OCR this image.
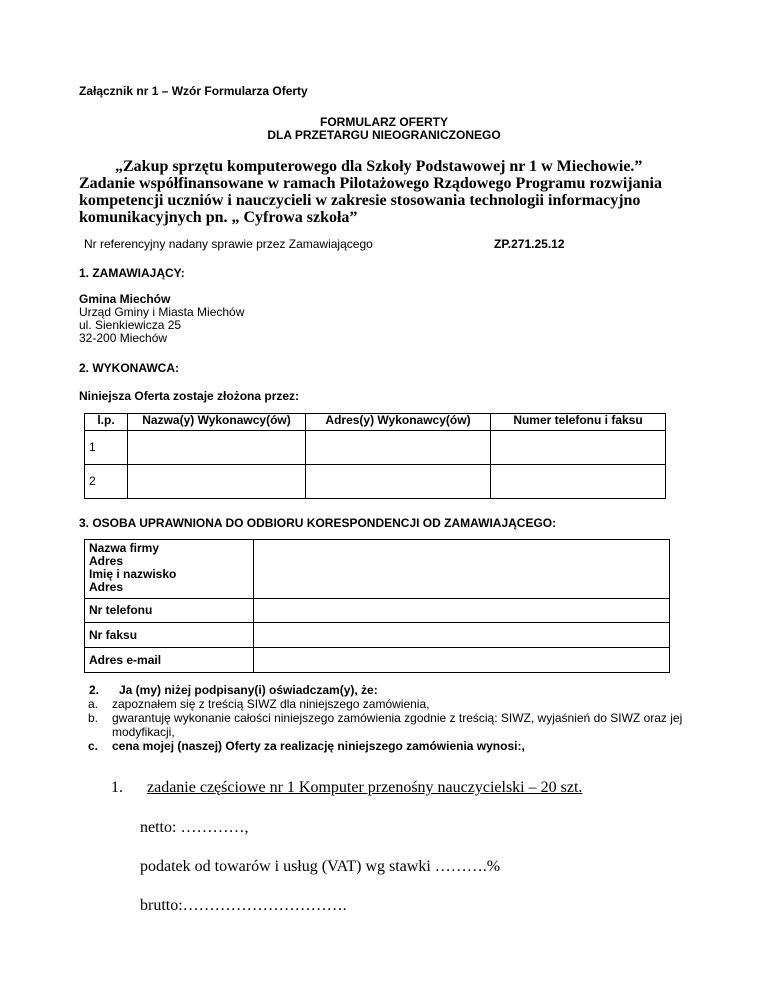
Załącznik nr 1 – Wzór Formularza Oferty
FORMULARZ OFERTY
DLA PRZETARGU NIEOGRANICZONEGO
„Zakup sprzętu komputerowego dla Szkoły Podstawowej nr 1 w Miechowie.”
Zadanie współfinansowane w ramach Pilotażowego Rządowego Programu rozwijania
kompetencji uczniów i nauczycieli w zakresie stosowania technologii informacyjno
komunikacyjnych pn. „ Cyfrowa szkoła”
Nr referencyjny nadany sprawie przez Zamawiającego	ZP.271.25.12
1. ZAMAWIAJĄCY:
Gmina Miechów
Urząd Gminy i Miasta Miechów
ul. Sienkiewicza 25
32-200 Miechów
2. WYKONAWCA:
Niniejsza Oferta zostaje złożona przez:
l.p.	Nazwa(y) Wykonawcy(ów)	Adres(y) Wykonawcy(ów)	Numer telefonu i faksu
1			
2			
3. OSOBA UPRAWNIONA DO ODBIORU KORESPONDENCJI OD ZAMAWIAJĄCEGO:
Nazwa firmy
Adres
Imię i nazwisko
Adres	

Nr telefonu	
Nr faksu	
Adres e-mail	
2. Ja (my) niżej podpisany(i) oświadczam(y), że:
a. zapoznałem się z treścią SIWZ dla niniejszego zamówienia,
b. gwarantuję wykonanie całości niniejszego zamówienia zgodnie z treścią: SIWZ, wyjaśnień do SIWZ oraz jej modyfikacji,
c. cena mojej (naszej) Oferty za realizację niniejszego zamówienia wynosi:,
1. zadanie częściowe nr 1 Komputer przenośny nauczycielski – 20 szt.
netto: …………,
podatek od towarów i usług (VAT) wg stawki ……….%
brutto:………………………….
